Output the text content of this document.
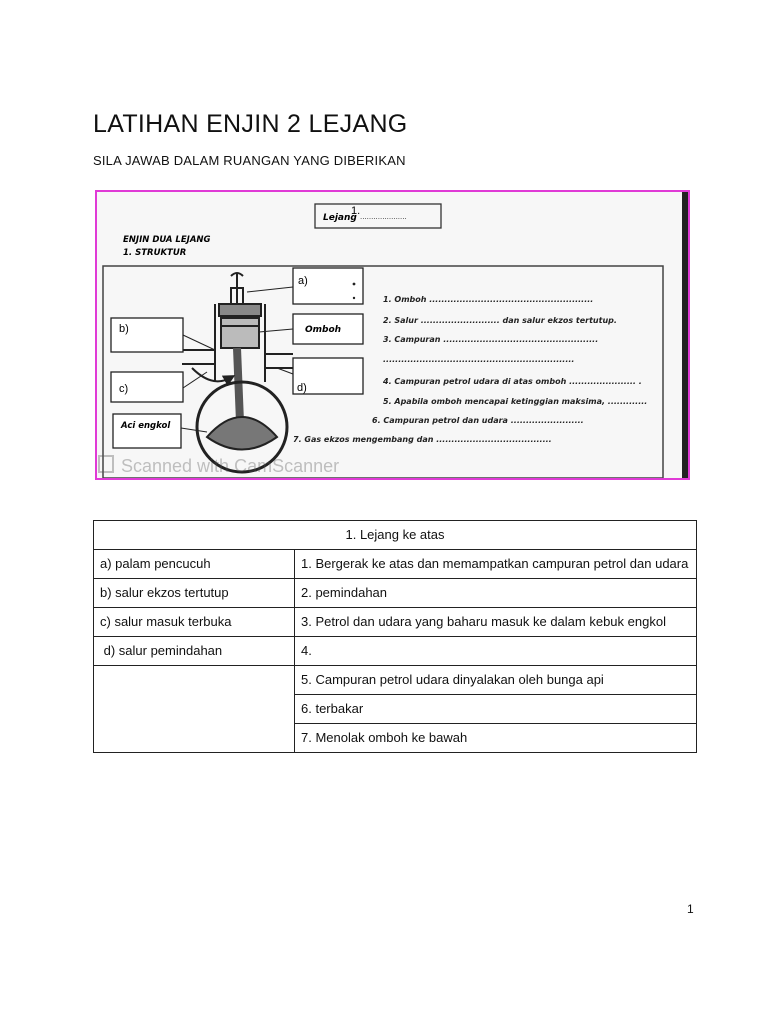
LATIHAN ENJIN 2 LEJANG
SILA JAWAB DALAM RUANGAN YANG DIBERIKAN
Lejang
1. .....................
ENJIN DUA LEJANG
1. STRUKTUR
a)
b)	Omboh
d)
c)
Aci engkol
1. Omboh ......................................................
2. Salur .......................... dan salur ekzos tertutup.
3. Campuran ...................................................
...............................................................
4. Campuran petrol udara di atas omboh ...................... .
5. Apabila omboh mencapai ketinggian maksima, .............
6. Campuran petrol dan udara ........................
7. Gas ekzos mengembang dan ......................................
Scanned with CamScanner
1. Lejang ke atas	
a) palam pencucuh	1. Bergerak ke atas dan memampatkan campuran petrol dan udara
b) salur ekzos tertutup	2. pemindahan
c) salur masuk terbuka	3. Petrol dan udara yang baharu masuk ke dalam kebuk engkol
d) salur pemindahan	4.
	5. Campuran petrol udara dinyalakan oleh bunga api
	6. terbakar
	7. Menolak omboh ke bawah
1
